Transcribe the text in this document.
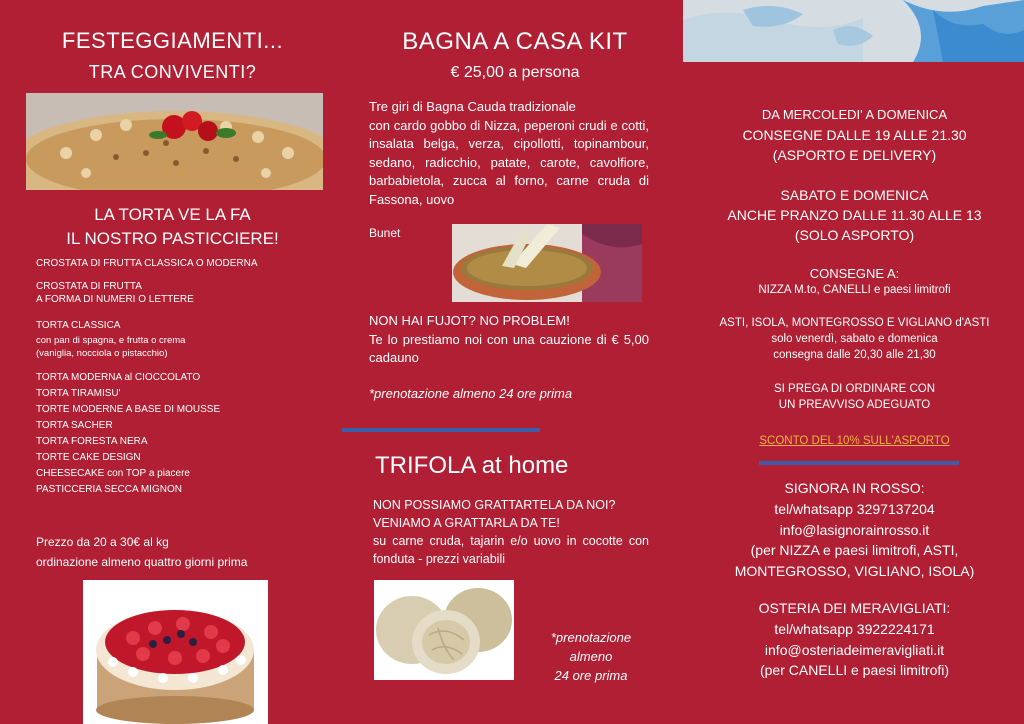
FESTEGGIAMENTI...
TRA CONVIVENTI?
LA TORTA VE LA FA
IL NOSTRO PASTICCIERE!
CROSTATA DI FRUTTA CLASSICA O MODERNA
CROSTATA DI FRUTTA
A FORMA DI NUMERI O LETTERE
TORTA CLASSICA
con pan di spagna, e frutta o crema
(vaniglia, nocciola o pistacchio)
TORTA MODERNA al CIOCCOLATO
TORTA TIRAMISU'
TORTE MODERNE A BASE DI MOUSSE
TORTA SACHER
TORTA FORESTA NERA
TORTE CAKE DESIGN
CHEESECAKE con TOP a piacere
PASTICCERIA SECCA MIGNON
Prezzo da 20 a 30€ al kg
ordinazione almeno quattro giorni prima
BAGNA A CASA KIT
€ 25,00 a persona
Tre giri di Bagna Cauda tradizionale
con cardo gobbo di Nizza, peperoni crudi e cotti, insalata belga, verza, cipollotti, topinambour, sedano, radicchio, patate, carote, cavolfiore, barbabietola, zucca al forno, carne cruda di Fassona, uovo
Bunet
NON HAI FUJOT? NO PROBLEM!
Te lo prestiamo noi con una cauzione di € 5,00 cadauno
*prenotazione almeno 24 ore prima
TRIFOLA at home
NON POSSIAMO GRATTARTELA DA NOI?
VENIAMO A GRATTARLA DA TE!
su carne cruda, tajarin e/o uovo in cocotte con fonduta - prezzi variabili
*prenotazione
almeno
24 ore prima
DA MERCOLEDI' A DOMENICA
CONSEGNE DALLE 19 ALLE 21.30
(ASPORTO E DELIVERY)
SABATO E DOMENICA
ANCHE PRANZO DALLE 11.30 ALLE 13
(SOLO ASPORTO)
CONSEGNE A:
NIZZA M.to, CANELLI e paesi limitrofi
ASTI, ISOLA, MONTEGROSSO E VIGLIANO d'ASTI
solo venerdì, sabato e domenica
consegna dalle 20,30 alle 21,30
SI PREGA DI ORDINARE CON
UN PREAVVISO ADEGUATO
SCONTO DEL 10% SULL'ASPORTO
SIGNORA IN ROSSO:
tel/whatsapp 3297137204
info@lasignorainrosso.it
(per NIZZA e paesi limitrofi, ASTI,
MONTEGROSSO, VIGLIANO, ISOLA)
OSTERIA DEI MERAVIGLIATI:
tel/whatsapp 3922224171
info@osteriadeimeravigliati.it
(per CANELLI e paesi limitrofi)
